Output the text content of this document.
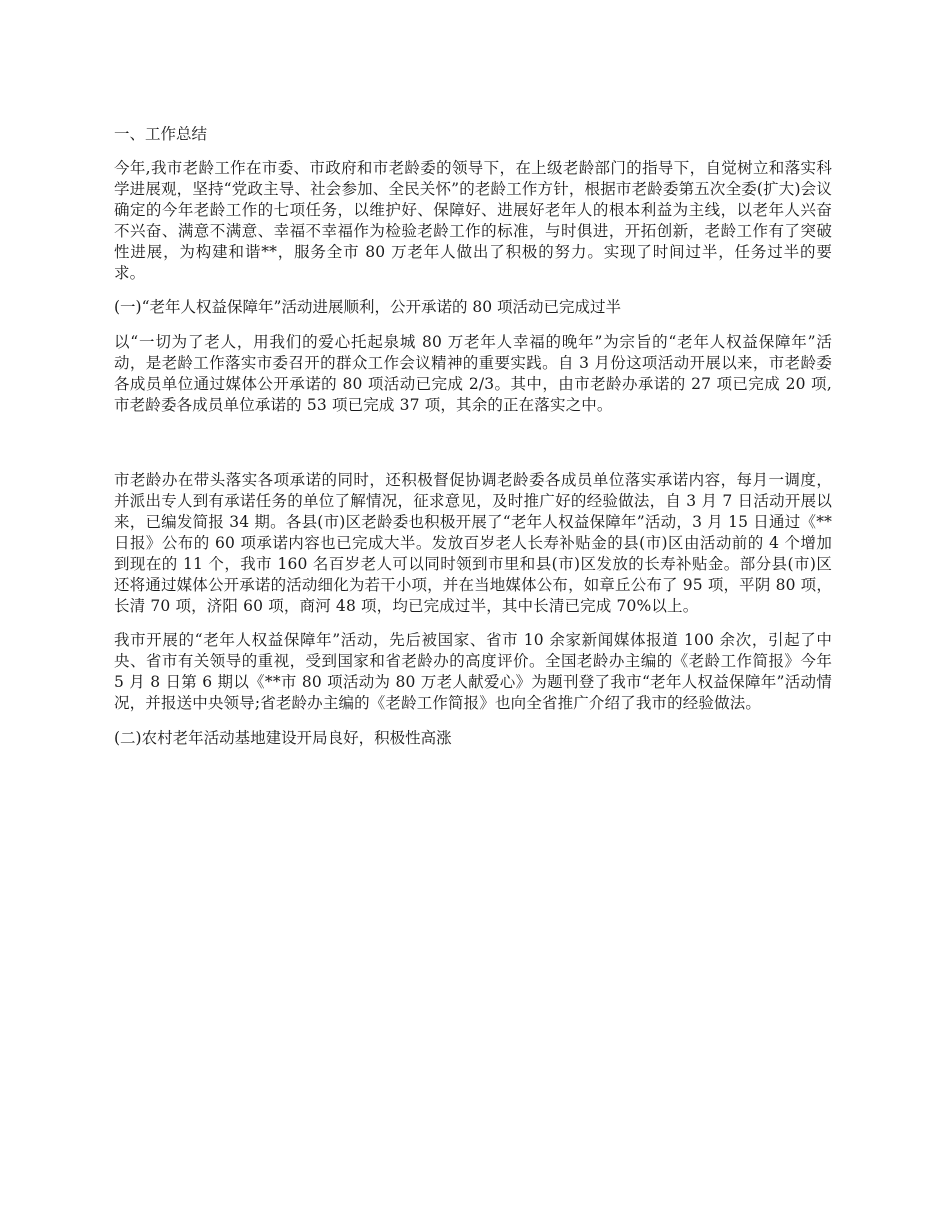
一、工作总结

今年,我市老龄工作在市委、市政府和市老龄委的领导下，在上级老龄部门的指导下，自觉树立和落实科学进展观，坚持“党政主导、社会参加、全民关怀”的老龄工作方针，根据市老龄委第五次全委(扩大)会议确定的今年老龄工作的七项任务，以维护好、保障好、进展好老年人的根本利益为主线，以老年人兴奋不兴奋、满意不满意、幸福不幸福作为检验老龄工作的标准，与时俱进，开拓创新，老龄工作有了突破性进展，为构建和谐**，服务全市 80 万老年人做出了积极的努力。实现了时间过半，任务过半的要求。

(一)“老年人权益保障年”活动进展顺利，公开承诺的 80 项活动已完成过半

以“一切为了老人，用我们的爱心托起泉城 80 万老年人幸福的晚年”为宗旨的“老年人权益保障年”活动，是老龄工作落实市委召开的群众工作会议精神的重要实践。自 3 月份这项活动开展以来，市老龄委各成员单位通过媒体公开承诺的 80 项活动已完成 2/3。其中，由市老龄办承诺的 27 项已完成 20 项,市老龄委各成员单位承诺的 53 项已完成 37 项，其余的正在落实之中。

市老龄办在带头落实各项承诺的同时，还积极督促协调老龄委各成员单位落实承诺内容，每月一调度，并派出专人到有承诺任务的单位了解情况，征求意见，及时推广好的经验做法，自 3 月 7 日活动开展以来，已编发简报 34 期。各县(市)区老龄委也积极开展了“老年人权益保障年”活动，3 月 15 日通过《**日报》公布的 60 项承诺内容也已完成大半。发放百岁老人长寿补贴金的县(市)区由活动前的 4 个增加到现在的 11 个，我市 160 名百岁老人可以同时领到市里和县(市)区发放的长寿补贴金。部分县(市)区还将通过媒体公开承诺的活动细化为若干小项，并在当地媒体公布，如章丘公布了 95 项，平阴 80 项，长清 70 项，济阳 60 项，商河 48 项，均已完成过半，其中长清已完成 70%以上。

我市开展的“老年人权益保障年”活动，先后被国家、省市 10 余家新闻媒体报道 100 余次，引起了中央、省市有关领导的重视，受到国家和省老龄办的高度评价。全国老龄办主编的《老龄工作简报》今年 5 月 8 日第 6 期以《**市 80 项活动为 80 万老人献爱心》为题刊登了我市“老年人权益保障年”活动情况，并报送中央领导;省老龄办主编的《老龄工作简报》也向全省推广介绍了我市的经验做法。

(二)农村老年活动基地建设开局良好，积极性高涨
